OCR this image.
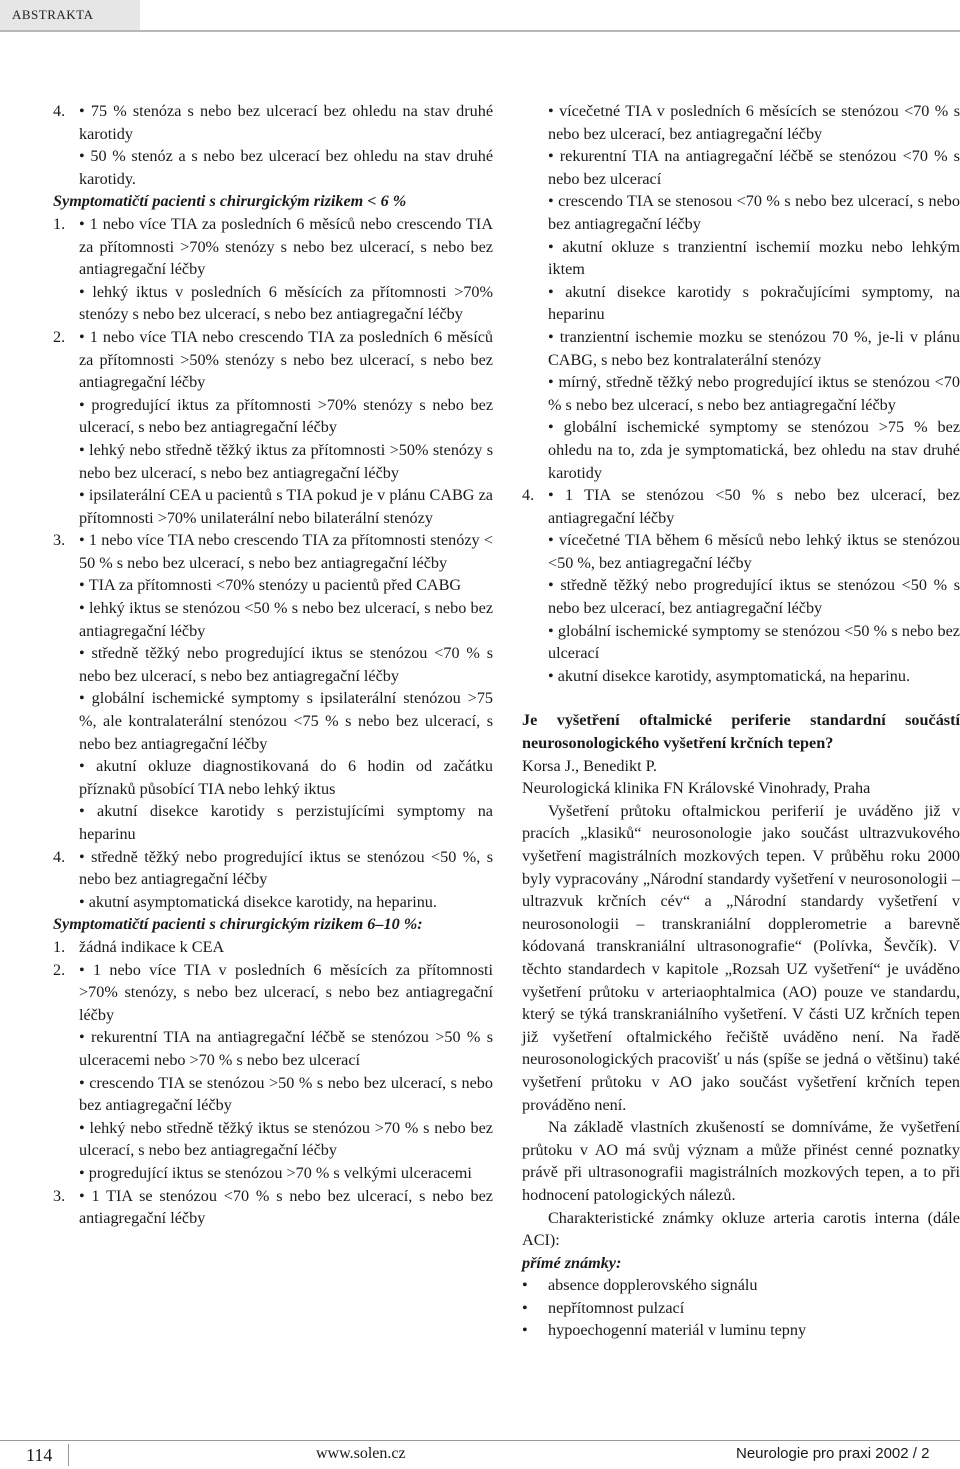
ABSTRAKTA
4.	• 75 % stenóza s nebo bez ulcerací bez ohledu na stav druhé karotidy
• 50 % stenóz a s nebo bez ulcerací bez ohledu na stav druhé karotidy.

Symptomatičtí pacienti s chirurgickým rizikem < 6 %

1.	• 1 nebo více TIA za posledních 6 měsíců nebo crescendo TIA za přítomnosti >70% stenózy s nebo bez ulcerací, s nebo bez antiagregační léčby
• lehký iktus v posledních 6 měsících za přítomnosti >70% stenózy s nebo bez ulcerací, s nebo bez antiagregační léčby
2.	• 1 nebo více TIA nebo crescendo TIA za posledních 6 měsíců za přítomnosti >50% stenózy s nebo bez ulcerací, s nebo bez antiagregační léčby
• progredující iktus za přítomnosti >70% stenózy s nebo bez ulcerací, s nebo bez antiagregační léčby
• lehký nebo středně těžký iktus za přítomnosti >50% stenózy s nebo bez ulcerací, s nebo bez antiagregační léčby
• ipsilaterální CEA u pacientů s TIA pokud je v plánu CABG za přítomnosti >70% unilaterální nebo bilaterální stenózy
3.	• 1 nebo více TIA nebo crescendo TIA za přítomnosti stenózy < 50 % s nebo bez ulcerací, s nebo bez antiagregační léčby
• TIA za přítomnosti <70% stenózy u pacientů před CABG
• lehký iktus se stenózou <50 % s nebo bez ulcerací, s nebo bez antiagregační léčby
• středně těžký nebo progredující iktus se stenózou <70 % s nebo bez ulcerací, s nebo bez antiagregační léčby
• globální ischemické symptomy s ipsilaterální stenózou >75 %, ale kontralaterální stenózou <75 % s nebo bez ulcerací, s nebo bez antiagregační léčby
• akutní okluze diagnostikovaná do 6 hodin od začátku příznaků působící TIA nebo lehký iktus
• akutní disekce karotidy s perzistujícími symptomy na heparinu
4.	• středně těžký nebo progredující iktus se stenózou <50 %, s nebo bez antiagregační léčby
• akutní asymptomatická disekce karotidy, na heparinu.

Symptomatičtí pacienti s chirurgickým rizikem 6–10 %:

1. žádná indikace k CEA
2.	• 1 nebo více TIA v posledních 6 měsících za přítomnosti >70% stenózy, s nebo bez ulcerací, s nebo bez antiagregační léčby
• rekurentní TIA na antiagregační léčbě se stenózou >50 % s ulceracemi nebo >70 % s nebo bez ulcerací
• crescendo TIA se stenózou >50 % s nebo bez ulcerací, s nebo bez antiagregační léčby
• lehký nebo středně těžký iktus se stenózou >70 % s nebo bez ulcerací, s nebo bez antiagregační léčby
• progredující iktus se stenózou >70 % s velkými ulceracemi
3.	• 1 TIA se stenózou <70 % s nebo bez ulcerací, s nebo bez antiagregační léčby
• vícečetné TIA v posledních 6 měsících se stenózou <70 % s nebo bez ulcerací, bez antiagregační léčby
• rekurentní TIA na antiagregační léčbě se stenózou <70 % s nebo bez ulcerací
• crescendo TIA se stenosou <70 % s nebo bez ulcerací, s nebo bez antiagregační léčby
• akutní okluze s tranzientní ischemií mozku nebo lehkým iktem
• akutní disekce karotidy s pokračujícími symptomy, na heparinu
• tranzientní ischemie mozku se stenózou 70 %, je-li v plánu CABG, s nebo bez kontralaterální stenózy
• mírný, středně těžký nebo progredující iktus se stenózou <70 % s nebo bez ulcerací, s nebo bez antiagregační léčby
• globální ischemické symptomy se stenózou >75 % bez ohledu na to, zda je symptomatická, bez ohledu na stav druhé karotidy
4.	• 1 TIA se stenózou <50 % s nebo bez ulcerací, bez antiagregační léčby
• vícečetné TIA během 6 měsíců nebo lehký iktus se stenózou <50 %, bez antiagregační léčby
• středně těžký nebo progredující iktus se stenózou <50 % s nebo bez ulcerací, bez antiagregační léčby
• globální ischemické symptomy se stenózou <50 % s nebo bez ulcerací
• akutní disekce karotidy, asymptomatická, na heparinu.

Je vyšetření oftalmické periferie standardní součástí neurosonologického vyšetření krčních tepen?

Korsa J., Benedikt P.

Neurologická klinika FN Královské Vinohrady, Praha

Vyšetření průtoku oftalmickou periferií je uváděno již v pracích „klasiků“ neurosonologie jako součást ultrazvukového vyšetření magistrálních mozkových tepen. V průběhu roku 2000 byly vypracovány „Národní standardy vyšetření v neurosonologii – ultrazvuk krčních cév“ a „Národní standardy vyšetření v neurosonologii – transkraniální dopplerometrie a barevně kódovaná transkraniální ultrasonografie“ (Polívka, Ševčík). V těchto standardech v kapitole „Rozsah UZ vyšetření“ je uváděno vyšetření průtoku v arteriaophtalmica (AO) pouze ve standardu, který se týká transkraniálního vyšetření. V části UZ krčních tepen již vyšetření oftalmického řečiště uváděno není. Na řadě neurosonologických pracovišť u nás (spíše se jedná o většinu) také vyšetření průtoku v AO jako součást vyšetření krčních tepen prováděno není.

Na základě vlastních zkušeností se domníváme, že vyšetření průtoku v AO má svůj význam a může přinést cenné poznatky právě při ultrasonografii magistrálních mozkových tepen, a to při hodnocení patologických nálezů.

Charakteristické známky okluze arteria carotis interna (dále ACI):

přímé známky:

•	absence dopplerovského signálu
•	nepřítomnost pulzací
•	hypoechogenní materiál v luminu tepny
114	www.solen.cz	Neurologie pro praxi 2002 / 2
